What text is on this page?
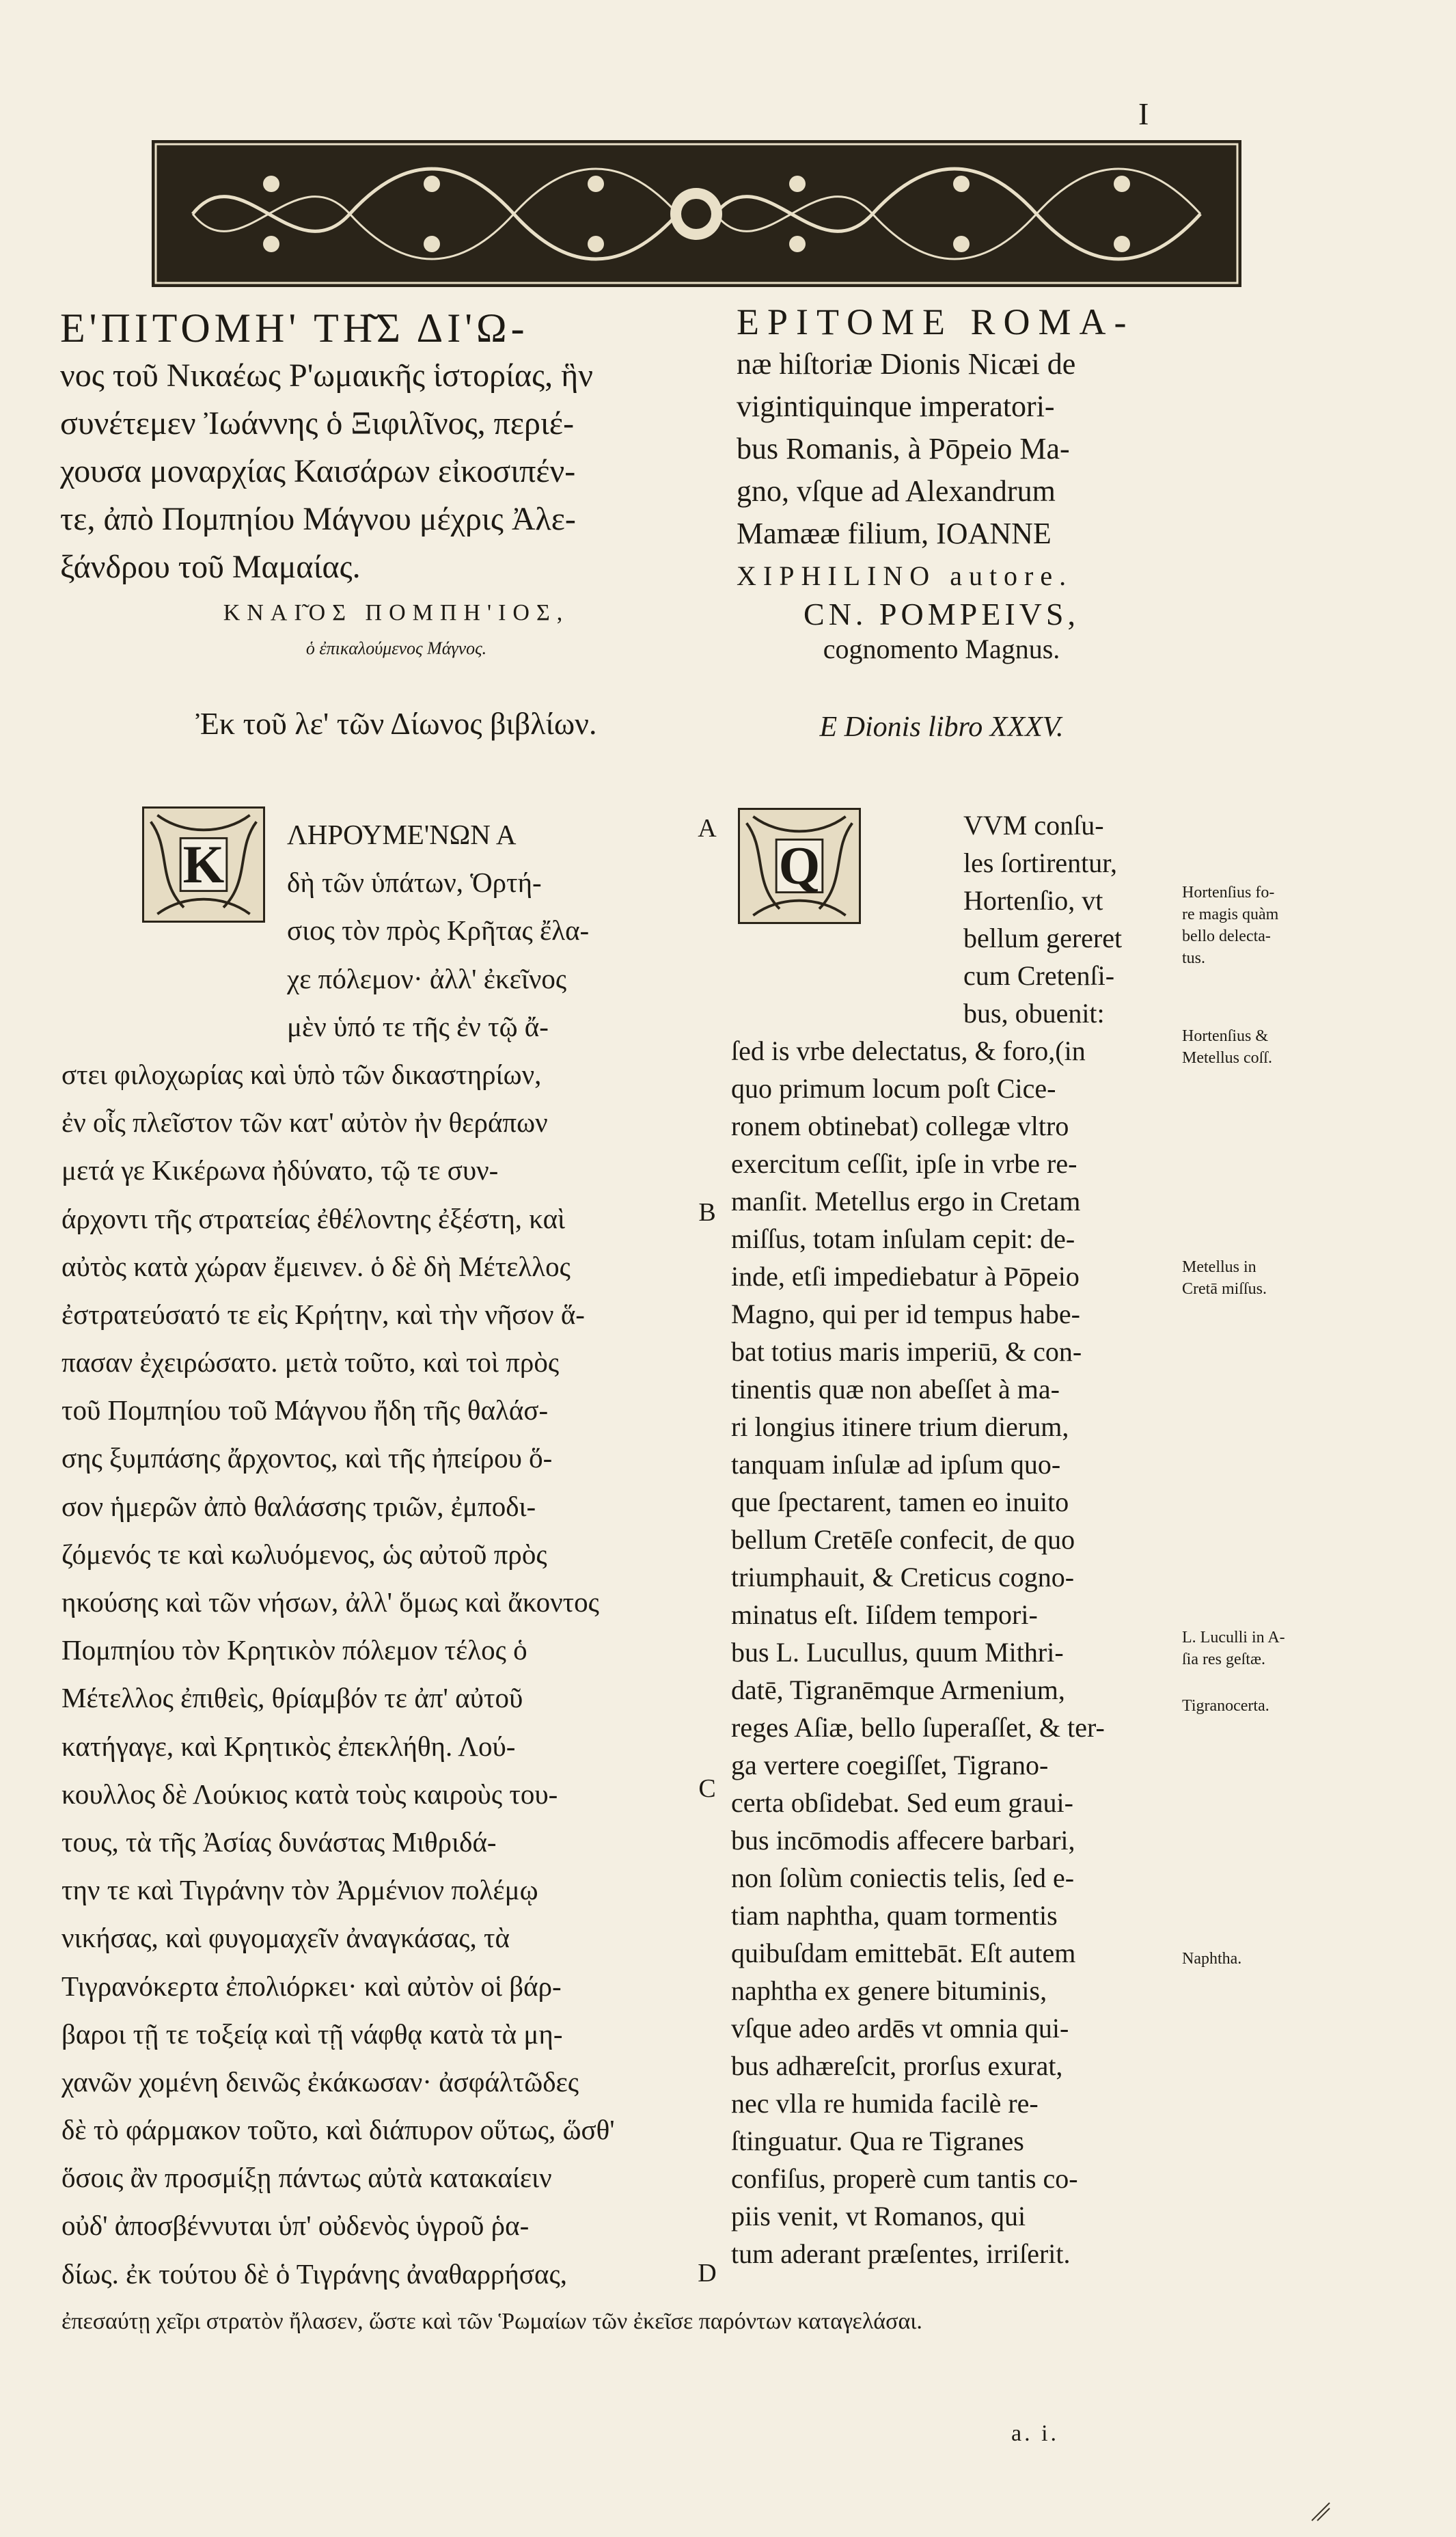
I
Ε'ΠΙΤΟΜΗ' ΤΗ͂Σ ΔΙ'Ω-
νος τοῦ Νικαέως Ρ'ωμαικῆς ἱστορίας, ἣν
συνέτεμεν Ἰωάννης ὁ Ξιφιλῖνος, περιέ-
χουσα μοναρχίας Καισάρων εἰκοσιπέν-
τε, ἀπὸ Πομπηίου Μάγνου μέχρις Ἀλε-
ξάνδρου τοῦ Μαμαίας.
EPITOME ROMA-
næ hiſtoriæ Dionis Nicæi de
vigintiquinque imperatori-
bus Romanis, à Pōpeio Ma-
gno, vſque ad Alexandrum
Mamææ filium, IOANNE
XIPHILINO autore.
ΚΝΑΙ̃ΟΣ ΠΟΜΠΗ'ΙΟΣ,
ὁ ἐπικαλούμενος Μάγνος.
CN. POMPEIVS,
cognomento Magnus.
Ἐκ τοῦ λε' τῶν Δίωνος βιβλίων.	E Dionis libro XXXV.
K	Q
ΛΗΡΟΥΜΕ'ΝΩΝ Α
δὴ τῶν ὑπάτων, Ὁρτή-
σιος τὸν πρὸς Κρῆτας ἔλα-
χε πόλεμον· ἀλλ' ἐκεῖνος
μὲν ὑπό τε τῆς ἐν τῷ ἄ-
στει φιλοχωρίας καὶ ὑπὸ τῶν δικαστηρίων,
ἐν οἷς πλεῖστον τῶν κατ' αὐτὸν ἠν θεράπων
μετά γε Κικέρωνα ἠδύνατο, τῷ τε συν-
άρχοντι τῆς στρατείας ἐθέλοντης ἐξέστη, καὶ
αὐτὸς κατὰ χώραν ἔμεινεν. ὁ δὲ δὴ Μέτελλος
ἐστρατεύσατό τε εἰς Κρήτην, καὶ τὴν νῆσον ἅ-
πασαν ἐχειρώσατο. μετὰ τοῦτο, καὶ τοὶ πρὸς
τοῦ Πομπηίου τοῦ Μάγνου ἤδη τῆς θαλάσ-
σης ξυμπάσης ἄρχοντος, καὶ τῆς ἠπείρου ὅ-
σον ἡμερῶν ἀπὸ θαλάσσης τριῶν, ἐμποδι-
ζόμενός τε καὶ κωλυόμενος, ὡς αὐτοῦ πρὸς
ηκούσης καὶ τῶν νήσων, ἀλλ' ὅμως καὶ ἄκοντος
Πομπηίου τὸν Κρητικὸν πόλεμον τέλος ὁ
Μέτελλος ἐπιθεὶς, θρίαμβόν τε ἀπ' αὐτοῦ
κατήγαγε, καὶ Κρητικὸς ἐπεκλήθη. Λού-
κουλλος δὲ Λούκιος κατὰ τοὺς καιροὺς του-
τους, τὰ τῆς Ἀσίας δυνάστας Μιθριδά-
την τε καὶ Τιγράνην τὸν Ἀρμένιον πολέμῳ
νικήσας, καὶ φυγομαχεῖν ἀναγκάσας, τὰ
Τιγρανόκερτα ἐπολιόρκει· καὶ αὐτὸν οἱ βάρ-
βαροι τῇ τε τοξείᾳ καὶ τῇ νάφθᾳ κατὰ τὰ μη-
χανῶν χομένη δεινῶς ἐκάκωσαν· ἀσφάλτῶδες
δὲ τὸ φάρμακον τοῦτο, καὶ διάπυρον οὕτως, ὥσθ'
ὅσοις ἂν προσμίξῃ πάντως αὐτὰ κατακαίειν
οὐδ' ἀποσβέννυται ὑπ' οὐδενὸς ὑγροῦ ῥα-
δίως. ἐκ τούτου δὲ ὁ Τιγράνης ἀναθαρρήσας,
ἐπεσαύτῃ χεῖρι στρατὸν ἤλασεν, ὥστε καὶ τῶν Ῥωμαίων τῶν ἐκεῖσε παρόντων καταγελάσαι.
A
B
C
D
VVM conſu-
les ſortirentur,
Hortenſio, vt
bellum gereret
cum Cretenſi-
bus, obuenit:
ſed is vrbe delectatus, & foro,(in
quo primum locum poſt Cice-
ronem obtinebat) collegæ vltro
exercitum ceſſit, ipſe in vrbe re-
manſit. Metellus ergo in Cretam
miſſus, totam inſulam cepit: de-
inde, etſi impediebatur à Pōpeio
Magno, qui per id tempus habe-
bat totius maris imperiū, & con-
tinentis quæ non abeſſet à ma-
ri longius itinere trium dierum,
tanquam inſulæ ad ipſum quo-
que ſpectarent, tamen eo inuito
bellum Cretēſe confecit, de quo
triumphauit, & Creticus cogno-
minatus eſt. Iiſdem tempori-
bus L. Lucullus, quum Mithri-
datē, Tigranēmque Armenium,
reges Aſiæ, bello ſuperaſſet, & ter-
ga vertere coegiſſet, Tigrano-
certa obſidebat. Sed eum graui-
bus incōmodis affecere barbari,
non ſolùm coniectis telis, ſed e-
tiam naphtha, quam tormentis
quibuſdam emittebāt. Eſt autem
naphtha ex genere bituminis,
vſque adeo ardēs vt omnia qui-
bus adhæreſcit, prorſus exurat,
nec vlla re humida facilè re-
ſtinguatur. Qua re Tigranes
confiſus, properè cum tantis co-
piis venit, vt Romanos, qui
tum aderant præſentes, irriſerit.
Hortenſius fo-
re magis quàm
bello delecta-
tus.
Hortenſius &
Metellus coſſ.
Metellus in
Cretā miſſus.
L. Luculli in A-
ſia res geſtæ.
Tigranocerta.
Naphtha.
a. i.
